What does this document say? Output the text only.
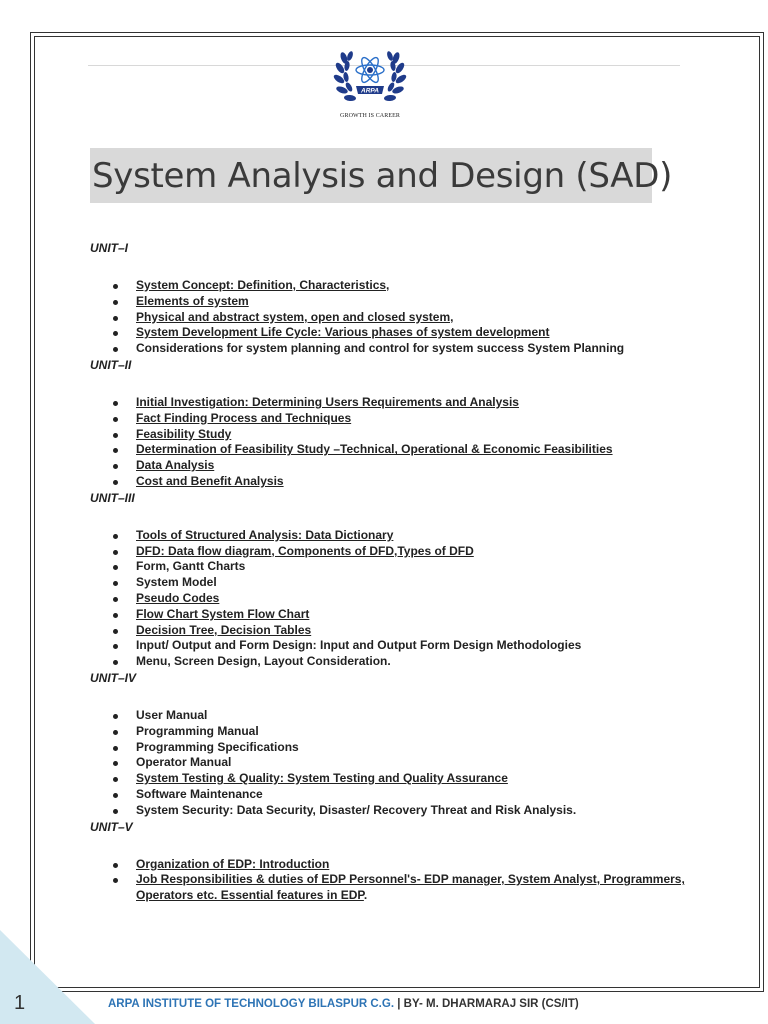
ARPA
GROWTH IS CAREER
System Analysis and Design (SAD)
UNIT–I
System Concept: Definition, Characteristics,
Elements of system
Physical and abstract system, open and closed system,
System Development Life Cycle: Various phases of system development
Considerations for system planning and control for system success System Planning
UNIT–II
Initial Investigation: Determining Users Requirements and Analysis
Fact Finding Process and Techniques
Feasibility Study
Determination of Feasibility Study –Technical, Operational & Economic Feasibilities
Data Analysis
Cost and Benefit Analysis
UNIT–III
Tools of Structured Analysis: Data Dictionary
DFD: Data flow diagram, Components of DFD,Types of DFD
Form, Gantt Charts
System Model
Pseudo Codes
Flow Chart System Flow Chart
Decision Tree, Decision Tables
Input/ Output and Form Design: Input and Output Form Design Methodologies
Menu, Screen Design, Layout Consideration.
UNIT–IV
User Manual
Programming Manual
Programming Specifications
Operator Manual
System Testing & Quality: System Testing and Quality Assurance
Software Maintenance
System Security: Data Security, Disaster/ Recovery Threat and Risk Analysis.
UNIT–V
Organization of EDP: Introduction
Job Responsibilities & duties of EDP Personnel's- EDP manager, System Analyst, Programmers, Operators etc. Essential features in EDP.
1	ARPA INSTITUTE OF TECHNOLOGY BILASPUR C.G. | BY- M. DHARMARAJ SIR (CS/IT)
